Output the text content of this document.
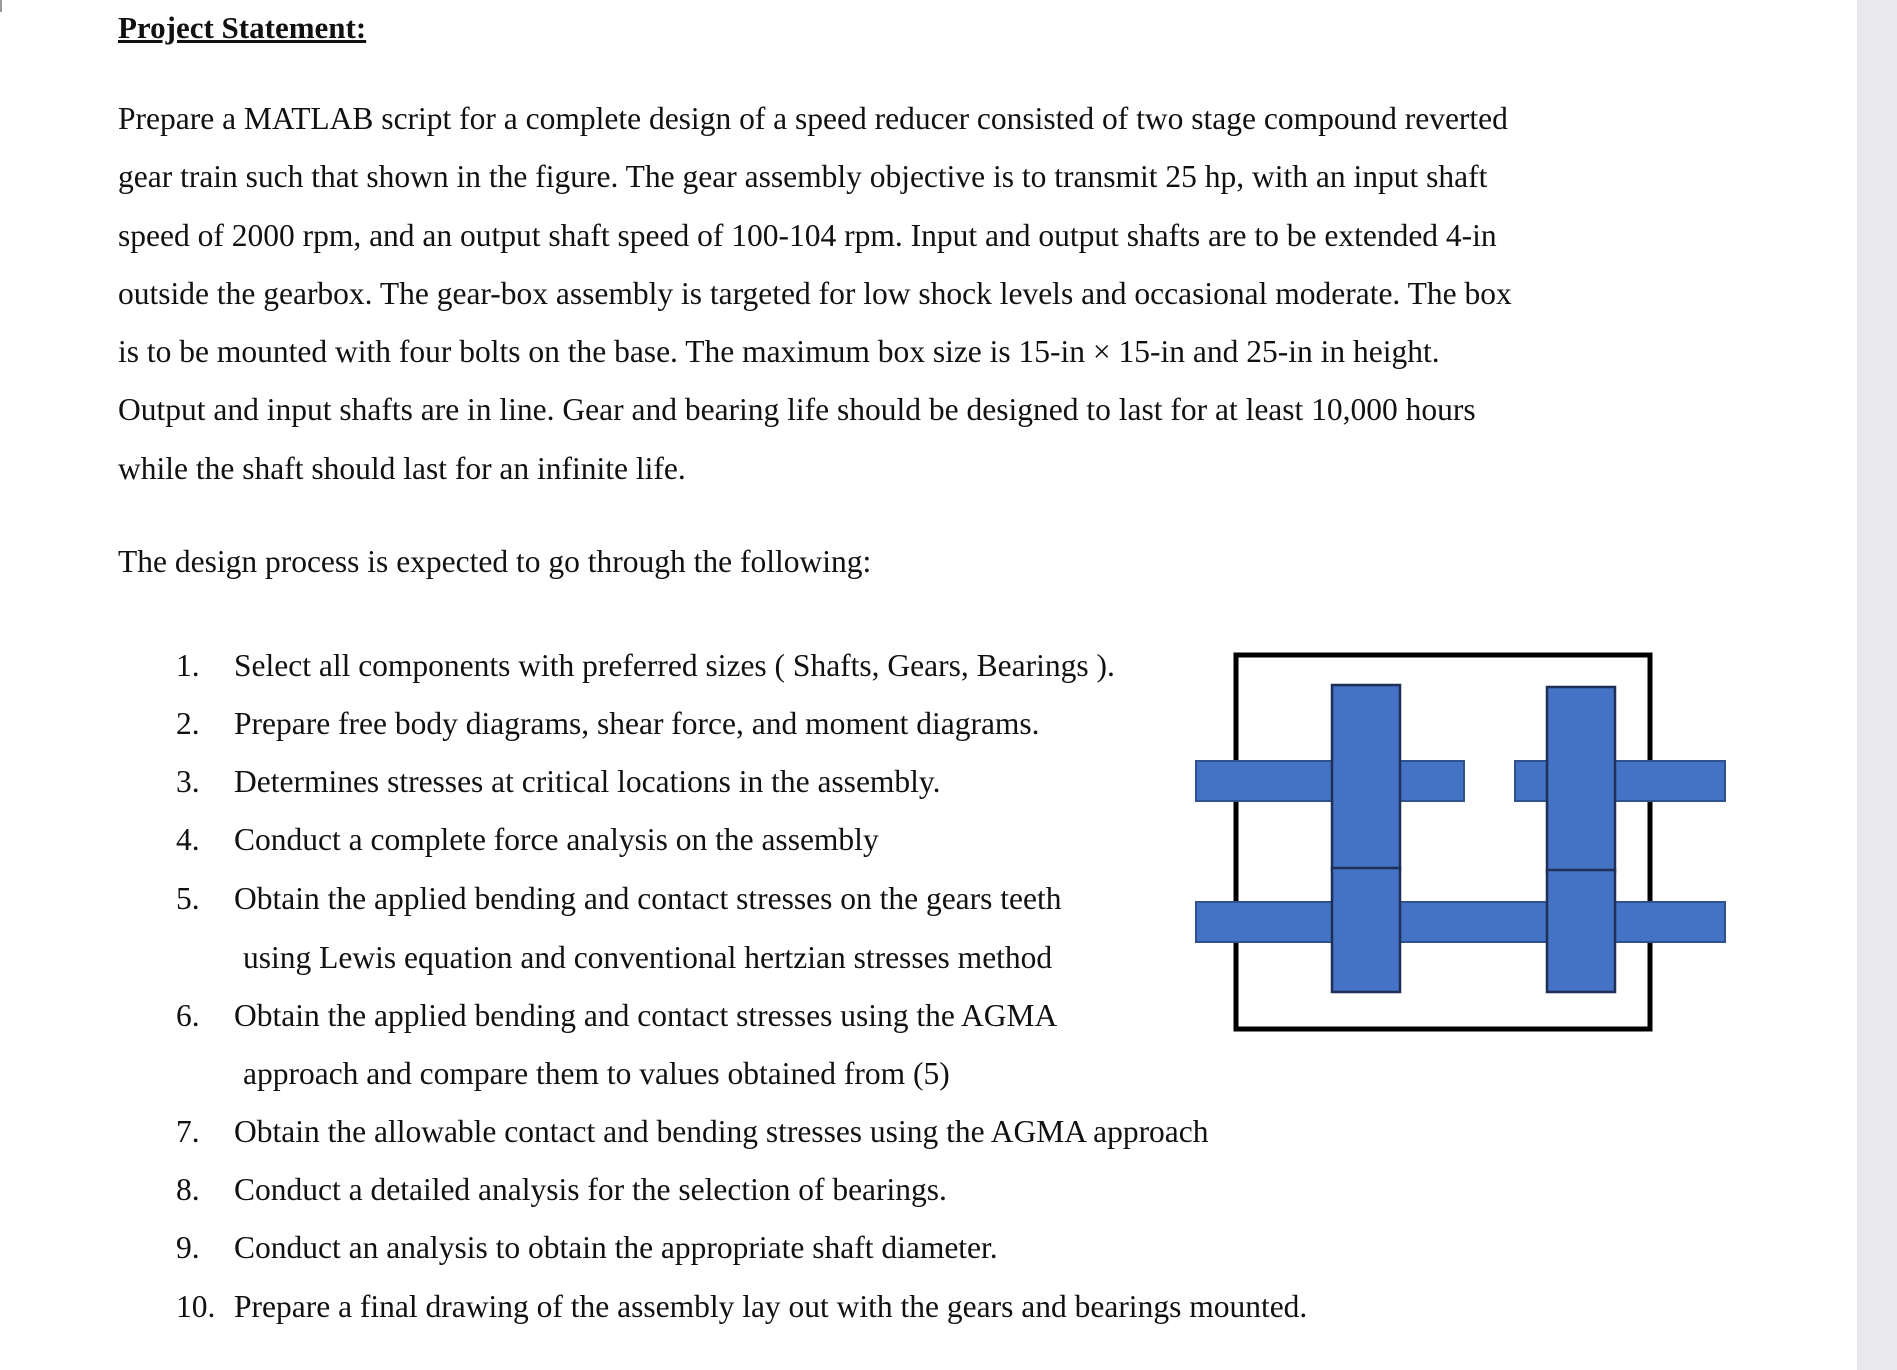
Project Statement:
Prepare a MATLAB script for a complete design of a speed reducer consisted of two stage compound reverted
gear train such that shown in the figure. The gear assembly objective is to transmit 25 hp, with an input shaft
speed of 2000 rpm, and an output shaft speed of 100-104 rpm. Input and output shafts are to be extended 4-in
outside the gearbox. The gear-box assembly is targeted for low shock levels and occasional moderate. The box
is to be mounted with four bolts on the base. The maximum box size is 15-in × 15-in and 25-in in height.
Output and input shafts are in line. Gear and bearing life should be designed to last for at least 10,000 hours
while the shaft should last for an infinite life.

The design process is expected to go through the following:

1. Select all components with preferred sizes ( Shafts, Gears, Bearings ).
2. Prepare free body diagrams, shear force, and moment diagrams.
3. Determines stresses at critical locations in the assembly.
4. Conduct a complete force analysis on the assembly
5. Obtain the applied bending and contact stresses on the gears teeth
using Lewis equation and conventional hertzian stresses method
6. Obtain the applied bending and contact stresses using the AGMA
approach and compare them to values obtained from (5)
7. Obtain the allowable contact and bending stresses using the AGMA approach
8. Conduct a detailed analysis for the selection of bearings.
9. Conduct an analysis to obtain the appropriate shaft diameter.
10. Prepare a final drawing of the assembly lay out with the gears and bearings mounted.
